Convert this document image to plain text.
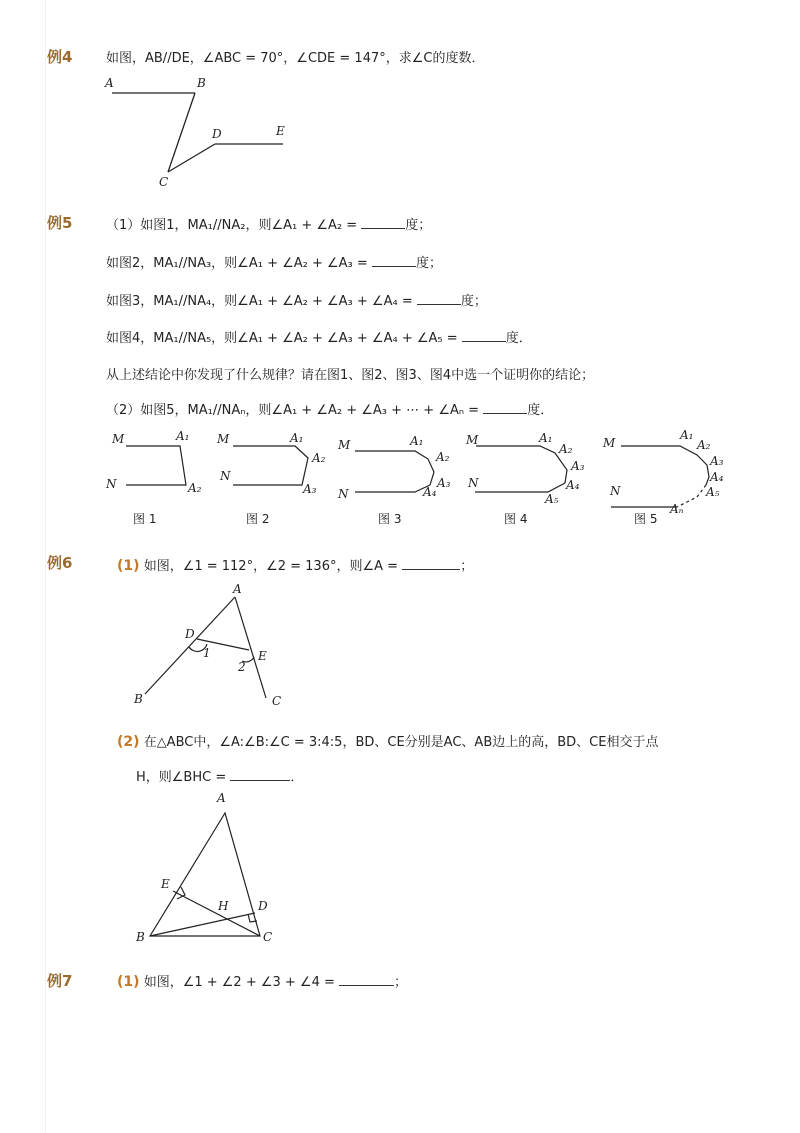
例4	如图，AB//DE，∠ABC = 70°，∠CDE = 147°，求∠C的度数．
A	B
C
D	E
例5	（1）如图1，MA₁//NA₂，则∠A₁ + ∠A₂ =	度；
如图2，MA₁//NA₃，则∠A₁ + ∠A₂ + ∠A₃ =	度；
如图3，MA₁//NA₄，则∠A₁ + ∠A₂ + ∠A₃ + ∠A₄ =	度；
如图4，MA₁//NA₅，则∠A₁ + ∠A₂ + ∠A₃ + ∠A₄ + ∠A₅ =	度．
从上述结论中你发现了什么规律？请在图1、图2、图3、图4中选一个证明你的结论；
（2）如图5，MA₁//NAₙ，则∠A₁ + ∠A₂ + ∠A₃ + ⋯ + ∠Aₙ =	度．
M	A₁
N	A₂
图 1
M	A₁
A₂
N
A₃
图 2
M	A₁
A₂
A₃
N	A₄
图 3
M	A₁
A₂
A₃
A₄
N
A₅
图 4
M
A₁
A₂
A₃
A₄
A₅
N
Aₙ
图 5
例6	(1) 如图，∠1 = 112°，∠2 = 136°，则∠A =	；
A
D
1	E
2
B	C
(2) 在△ABC中，∠A:∠B:∠C = 3:4:5，BD、CE分别是AC、AB边上的高，BD、CE相交于点
H，则∠BHC =	．
A
E
H D
B	C
例7	(1) 如图，∠1 + ∠2 + ∠3 + ∠4 =	；
